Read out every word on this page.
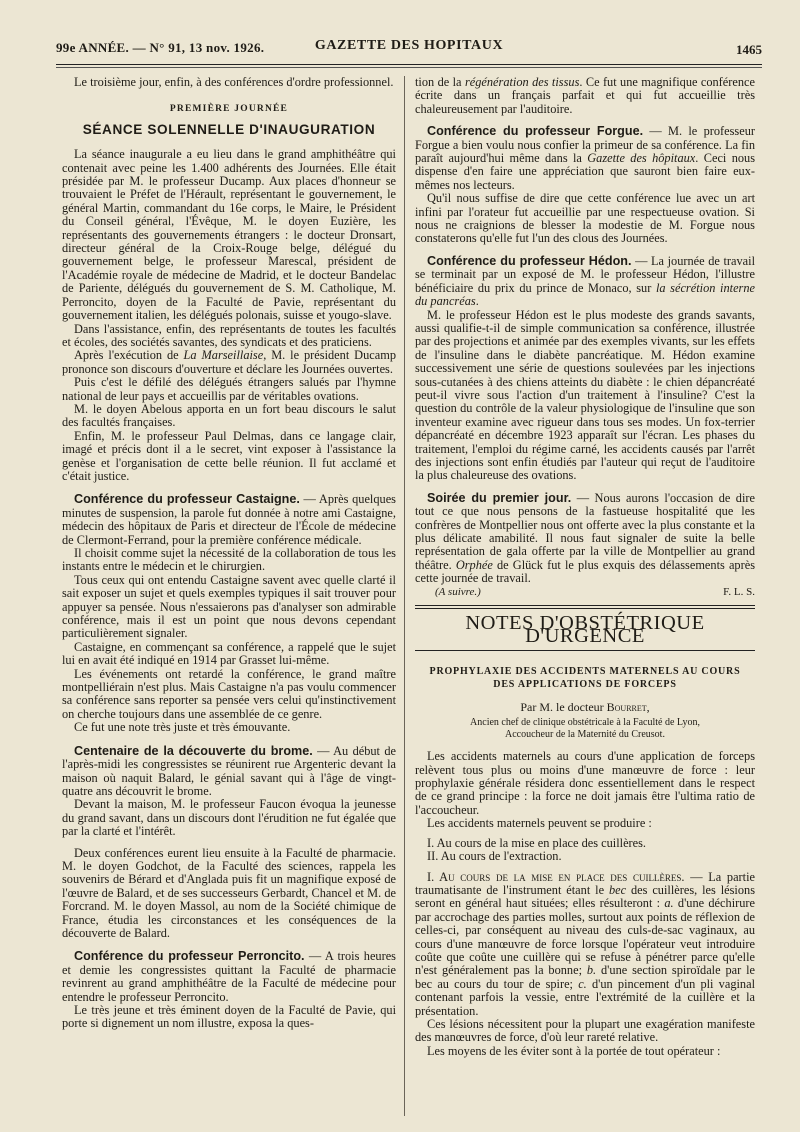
99e ANNÉE. — N° 91, 13 nov. 1926.	GAZETTE DES HOPITAUX	1465

Le troisième jour, enfin, à des conférences d'ordre professionnel.

PREMIÈRE JOURNÉE

SÉANCE SOLENNELLE D'INAUGURATION

La séance inaugurale a eu lieu dans le grand amphithéâtre qui contenait avec peine les 1.400 adhérents des Journées. Elle était présidée par M. le professeur Ducamp. Aux places d'honneur se trouvaient le Préfet de l'Hérault, représentant le gouvernement, le général Martin, commandant du 16e corps, le Maire, le Président du Conseil général, l'Évêque, M. le doyen Euzière, les représentants des gouvernements étrangers : le docteur Dronsart, directeur général de la Croix-Rouge belge, délégué du gouvernement belge, le professeur Marescal, président de l'Académie royale de médecine de Madrid, et le docteur Bandelac de Pariente, délégués du gouvernement de S. M. Catholique, M. Perroncito, doyen de la Faculté de Pavie, représentant du gouvernement italien, les délégués polonais, suisse et yougo-slave.

Dans l'assistance, enfin, des représentants de toutes les facultés et écoles, des sociétés savantes, des syndicats et des praticiens.

Après l'exécution de La Marseillaise, M. le président Ducamp prononce son discours d'ouverture et déclare les Journées ouvertes.

Puis c'est le défilé des délégués étrangers salués par l'hymne national de leur pays et accueillis par de véritables ovations.

M. le doyen Abelous apporta en un fort beau discours le salut des facultés françaises.

Enfin, M. le professeur Paul Delmas, dans ce langage clair, imagé et précis dont il a le secret, vint exposer à l'assistance la genèse et l'organisation de cette belle réunion. Il fut acclamé et c'était justice.

Conférence du professeur Castaigne. — Après quelques minutes de suspension, la parole fut donnée à notre ami Castaigne, médecin des hôpitaux de Paris et directeur de l'École de médecine de Clermont-Ferrand, pour la première conférence médicale.

Il choisit comme sujet la nécessité de la collaboration de tous les instants entre le médecin et le chirurgien.

Tous ceux qui ont entendu Castaigne savent avec quelle clarté il sait exposer un sujet et quels exemples typiques il sait trouver pour appuyer sa pensée. Nous n'essaierons pas d'analyser son admirable conférence, mais il est un point que nous devons cependant particulièrement signaler.

Castaigne, en commençant sa conférence, a rappelé que le sujet lui en avait été indiqué en 1914 par Grasset lui-même.

Les événements ont retardé la conférence, le grand maître montpelliérain n'est plus. Mais Castaigne n'a pas voulu commencer sa conférence sans reporter sa pensée vers celui qu'instinctivement on cherche toujours dans une assemblée de ce genre.

Ce fut une note très juste et très émouvante.

Centenaire de la découverte du brome. — Au début de l'après-midi les congressistes se réunirent rue Argenteric devant la maison où naquit Balard, le génial savant qui à l'âge de vingt-quatre ans découvrit le brome.

Devant la maison, M. le professeur Faucon évoqua la jeunesse du grand savant, dans un discours dont l'érudition ne fut égalée que par la clarté et l'intérêt.

Deux conférences eurent lieu ensuite à la Faculté de pharmacie. M. le doyen Godchot, de la Faculté des sciences, rappela les souvenirs de Bérard et d'Anglada puis fit un magnifique exposé de l'œuvre de Balard, et de ses successeurs Gerbardt, Chancel et M. de Forcrand. M. le doyen Massol, au nom de la Société chimique de France, étudia les circonstances et les conséquences de la découverte de Balard.

Conférence du professeur Perroncito. — A trois heures et demie les congressistes quittant la Faculté de pharmacie revinrent au grand amphithéâtre de la Faculté de médecine pour entendre le professeur Perroncito.

Le très jeune et très éminent doyen de la Faculté de Pavie, qui porte si dignement un nom illustre, exposa la ques-

tion de la régénération des tissus. Ce fut une magnifique conférence écrite dans un français parfait et qui fut accueillie très chaleureusement par l'auditoire.

Conférence du professeur Forgue. — M. le professeur Forgue a bien voulu nous confier la primeur de sa conférence. La fin paraît aujourd'hui même dans la Gazette des hôpitaux. Ceci nous dispense d'en faire une appréciation que sauront bien faire eux-mêmes nos lecteurs.

Qu'il nous suffise de dire que cette conférence lue avec un art infini par l'orateur fut accueillie par une respectueuse ovation. Si nous ne craignions de blesser la modestie de M. Forgue nous constaterons qu'elle fut l'un des clous des Journées.

Conférence du professeur Hédon. — La journée de travail se terminait par un exposé de M. le professeur Hédon, l'illustre bénéficiaire du prix du prince de Monaco, sur la sécrétion interne du pancréas.

M. le professeur Hédon est le plus modeste des grands savants, aussi qualifie-t-il de simple communication sa conférence, illustrée par des projections et animée par des exemples vivants, sur les effets de l'insuline dans le diabète pancréatique. M. Hédon examine successivement une série de questions soulevées par les injections sous-cutanées à des chiens atteints du diabète : le chien dépancréaté peut-il vivre sous l'action d'un traitement à l'insuline? C'est la question du contrôle de la valeur physiologique de l'insuline que son inventeur examine avec rigueur dans tous ses modes. Un fox-terrier dépancréaté en décembre 1923 apparaît sur l'écran. Les phases du traitement, l'emploi du régime carné, les accidents causés par l'arrêt des injections sont enfin étudiés par l'auteur qui reçut de l'auditoire la plus chaleureuse des ovations.

Soirée du premier jour. — Nous aurons l'occasion de dire tout ce que nous pensons de la fastueuse hospitalité que les confrères de Montpellier nous ont offerte avec la plus constante et la plus délicate amabilité. Il nous faut signaler de suite la belle représentation de gala offerte par la ville de Montpellier au grand théâtre. Orphée de Glück fut le plus exquis des délassements après cette journée de travail.

(A suivre.)	F. L. S.

NOTES D'OBSTÉTRIQUE D'URGENCE

PROPHYLAXIE DES ACCIDENTS MATERNELS AU COURS

DES APPLICATIONS DE FORCEPS

Par M. le docteur Bourret,

Ancien chef de clinique obstétricale à la Faculté de Lyon,

Accoucheur de la Maternité du Creusot.

Les accidents maternels au cours d'une application de forceps relèvent tous plus ou moins d'une manœuvre de force : leur prophylaxie générale résidera donc essentiellement dans le respect de ce grand principe : la force ne doit jamais être l'ultima ratio de l'accoucheur.

Les accidents maternels peuvent se produire :

I. Au cours de la mise en place des cuillères.

II. Au cours de l'extraction.

I. Au cours de la mise en place des cuillères. — La partie traumatisante de l'instrument étant le bec des cuillères, les lésions seront en général haut situées; elles résulteront : a. d'une déchirure par accrochage des parties molles, surtout aux points de réflexion de celles-ci, par conséquent au niveau des culs-de-sac vaginaux, au cours d'une manœuvre de force lorsque l'opérateur veut introduire coûte que coûte une cuillère qui se refuse à pénétrer parce qu'elle n'est généralement pas la bonne; b. d'une section spiroïdale par le bec au cours du tour de spire; c. d'un pincement d'un pli vaginal contenant parfois la vessie, entre l'extrémité de la cuillère et la présentation.

Ces lésions nécessitent pour la plupart une exagération manifeste des manœuvres de force, d'où leur rareté relative.

Les moyens de les éviter sont à la portée de tout opérateur :
